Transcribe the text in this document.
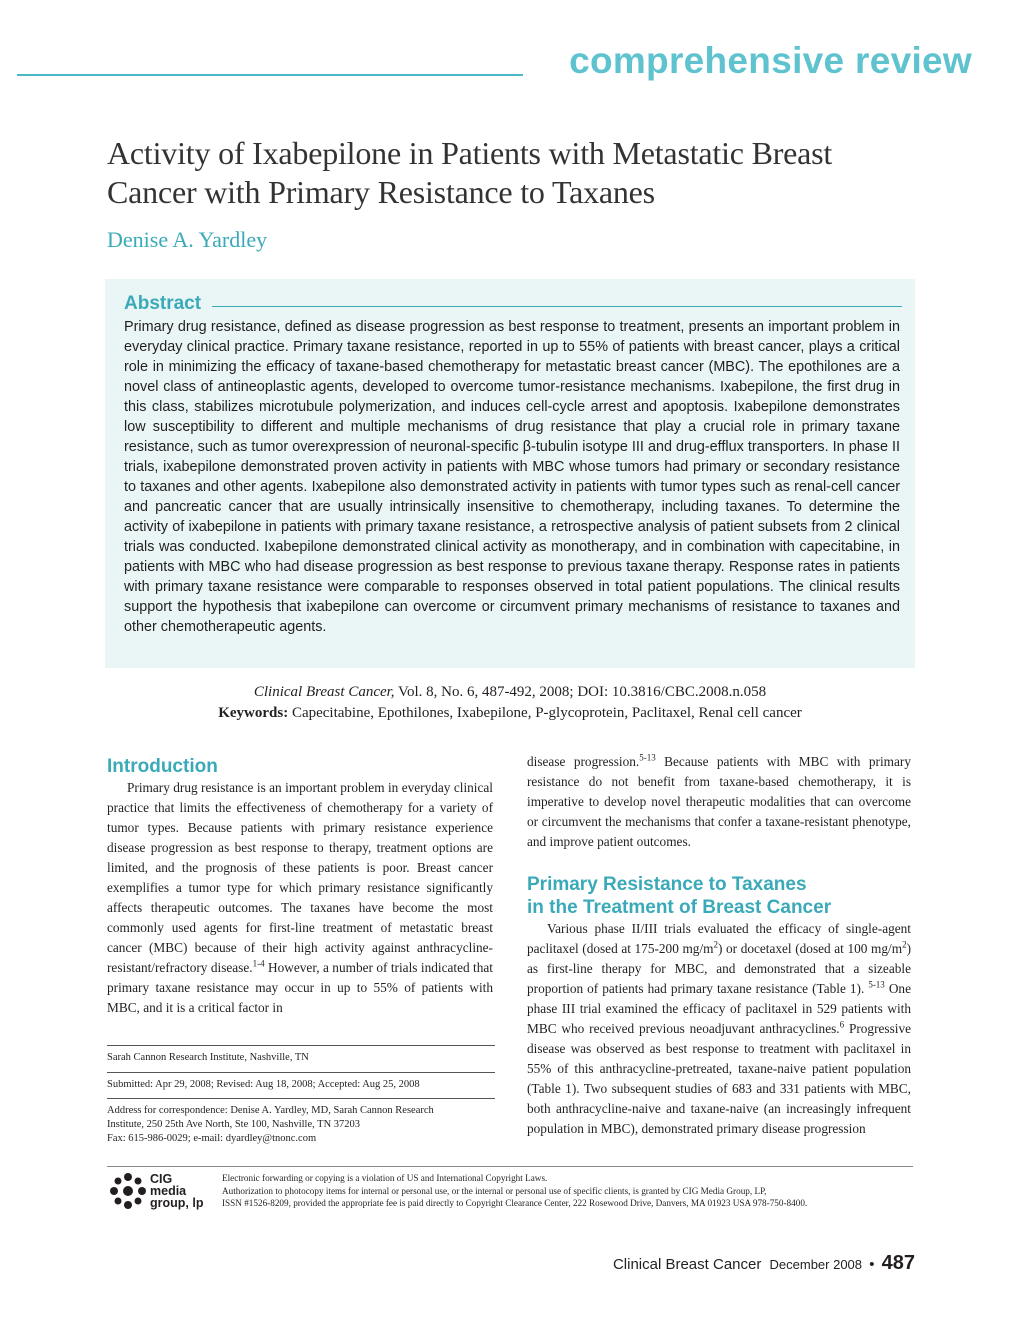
comprehensive review
Activity of Ixabepilone in Patients with Metastatic Breast Cancer with Primary Resistance to Taxanes
Denise A. Yardley
Abstract
Primary drug resistance, defined as disease progression as best response to treatment, presents an important problem in everyday clinical practice. Primary taxane resistance, reported in up to 55% of patients with breast cancer, plays a critical role in minimizing the efficacy of taxane-based chemotherapy for metastatic breast cancer (MBC). The epothilones are a novel class of antineoplastic agents, developed to overcome tumor-resistance mechanisms. Ixabepilone, the first drug in this class, stabilizes microtubule polymerization, and induces cell-cycle arrest and apoptosis. Ixabepilone demonstrates low susceptibility to different and multiple mechanisms of drug resistance that play a crucial role in primary taxane resistance, such as tumor overexpression of neuronal-specific β-tubulin isotype III and drug-efflux transporters. In phase II trials, ixabepilone demonstrated proven activity in patients with MBC whose tumors had primary or secondary resistance to taxanes and other agents. Ixabepilone also demonstrated activity in patients with tumor types such as renal-cell cancer and pancreatic cancer that are usually intrinsically insensitive to chemotherapy, including taxanes. To determine the activity of ixabepilone in patients with primary taxane resistance, a retrospective analysis of patient subsets from 2 clinical trials was conducted. Ixabepilone demonstrated clinical activity as monotherapy, and in combination with capecitabine, in patients with MBC who had disease progression as best response to previous taxane therapy. Response rates in patients with primary taxane resistance were comparable to responses observed in total patient populations. The clinical results support the hypothesis that ixabepilone can overcome or circumvent primary mechanisms of resistance to taxanes and other chemotherapeutic agents.
Clinical Breast Cancer, Vol. 8, No. 6, 487-492, 2008; DOI: 10.3816/CBC.2008.n.058
Keywords: Capecitabine, Epothilones, Ixabepilone, P-glycoprotein, Paclitaxel, Renal cell cancer
Introduction

Primary drug resistance is an important problem in everyday clinical practice that limits the effectiveness of chemotherapy for a variety of tumor types. Because patients with primary resistance experience disease progression as best response to therapy, treatment options are limited, and the prognosis of these patients is poor. Breast cancer exemplifies a tumor type for which primary resistance significantly affects therapeutic outcomes. The taxanes have become the most commonly used agents for first-line treatment of metastatic breast cancer (MBC) because of their high activity against anthracycline-resistant/refractory disease.$^{1-4}$ However, a number of trials indicated that primary taxane resistance may occur in up to 55% of patients with MBC, and it is a critical factor in

Sarah Cannon Research Institute, Nashville, TN
Submitted: Apr 29, 2008; Revised: Aug 18, 2008; Accepted: Aug 25, 2008
Address for correspondence: Denise A. Yardley, MD, Sarah Cannon Research
Institute, 250 25th Ave North, Ste 100, Nashville, TN 37203
Fax: 615-986-0029; e-mail: dyardley@tnonc.com

disease progression.$^{5-13}$ Because patients with MBC with primary resistance do not benefit from taxane-based chemotherapy, it is imperative to develop novel therapeutic modalities that can overcome or circumvent the mechanisms that confer a taxane-resistant phenotype, and improve patient outcomes.

Primary Resistance to Taxanes
in the Treatment of Breast Cancer

Various phase II/III trials evaluated the efficacy of single-agent paclitaxel (dosed at 175-200 $mg/m^2$) or docetaxel (dosed at 100 $mg/m^2$) as first-line therapy for MBC, and demonstrated that a sizeable proportion of patients had primary taxane resistance (Table 1). $^{5-13}$ One phase III trial examined the efficacy of paclitaxel in 529 patients with MBC who received previous neoadjuvant anthracyclines.$^6$ Progressive disease was observed as best response to treatment with paclitaxel in 55% of this anthracycline-pretreated, taxane-naive patient population (Table 1). Two subsequent studies of 683 and 331 patients with MBC, both anthracycline-naive and taxane-naive (an increasingly infrequent population in MBC), demonstrated primary disease progression

CIG
media
group, lp
Electronic forwarding or copying is a violation of US and International Copyright Laws.
Authorization to photocopy items for internal or personal use, or the internal or personal use of specific clients, is granted by CIG Media Group, LP,
ISSN #1526-8209, provided the appropriate fee is paid directly to Copyright Clearance Center, 222 Rosewood Drive, Danvers, MA 01923 USA 978-750-8400.
Clinical Breast Cancer December 2008 • 487
